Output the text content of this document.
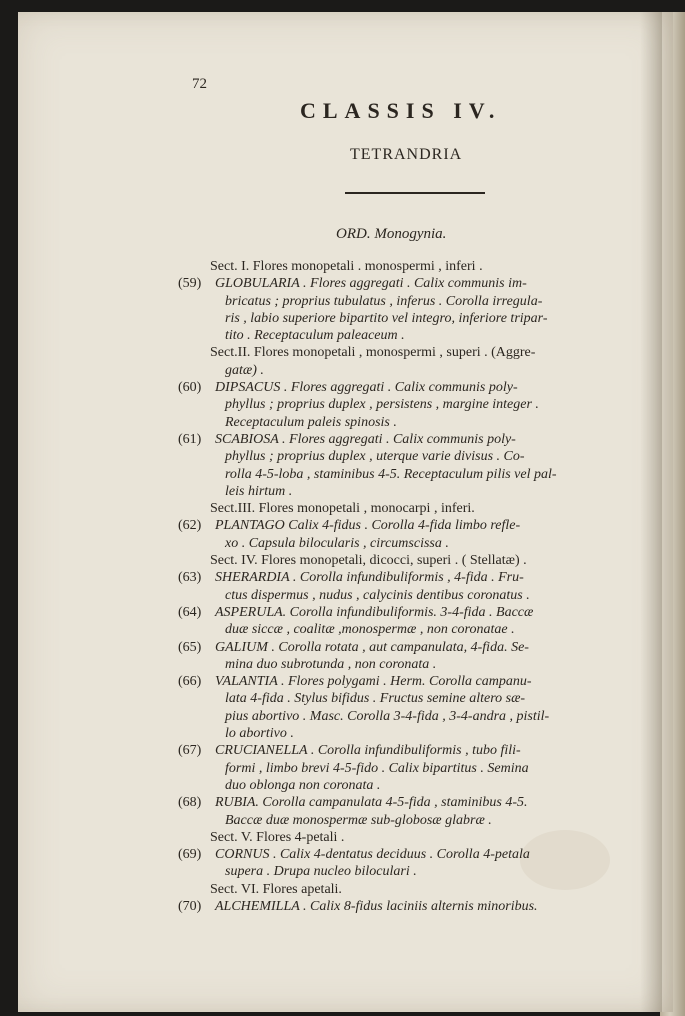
72
CLASSIS IV.
TETRANDRIA
ORD. Monogynia.
Sect. I. Flores monopetali . monospermi , inferi .
(59) GLOBULARIA . Flores aggregati . Calix communis im-
bricatus ; proprius tubulatus , inferus . Corolla irregula-
ris , labio superiore bipartito vel integro, inferiore tripar-
tito . Receptaculum paleaceum .
Sect.II. Flores monopetali , monospermi , superi . (Aggre-
gatæ) .
(60) DIPSACUS . Flores aggregati . Calix communis poly-
phyllus ; proprius duplex , persistens , margine integer .
Receptaculum paleis spinosis .
(61) SCABIOSA . Flores aggregati . Calix communis poly-
phyllus ; proprius duplex , uterque varie divisus . Co-
rolla 4-5-loba , staminibus 4-5. Receptaculum pilis vel pal-
leis hirtum .
Sect.III. Flores monopetali , monocarpi , inferi.
(62) PLANTAGO Calix 4-fidus . Corolla 4-fida limbo refle-
xo . Capsula bilocularis , circumscissa .
Sect. IV. Flores monopetali, dicocci, superi . ( Stellatæ) .
(63) SHERARDIA . Corolla infundibuliformis , 4-fida . Fru-
ctus dispermus , nudus , calycinis dentibus coronatus .
(64) ASPERULA. Corolla infundibuliformis. 3-4-fida . Baccæ
duæ siccæ , coalitæ ,monospermæ , non coronatae .
(65) GALIUM . Corolla rotata , aut campanulata, 4-fida. Se-
mina duo subrotunda , non coronata .
(66) VALANTIA . Flores polygami . Herm. Corolla campanu-
lata 4-fida . Stylus bifidus . Fructus semine altero sæ-
pius abortivo . Masc. Corolla 3-4-fida , 3-4-andra , pistil-
lo abortivo .
(67) CRUCIANELLA . Corolla infundibuliformis , tubo fili-
formi , limbo brevi 4-5-fido . Calix bipartitus . Semina
duo oblonga non coronata .
(68) RUBIA. Corolla campanulata 4-5-fida , staminibus 4-5.
Baccæ duæ monospermæ sub-globosæ glabræ .
Sect. V. Flores 4-petali .
(69) CORNUS . Calix 4-dentatus deciduus . Corolla 4-petala
supera . Drupa nucleo biloculari .
Sect. VI. Flores apetali.
(70) ALCHEMILLA . Calix 8-fidus laciniis alternis minoribus.
